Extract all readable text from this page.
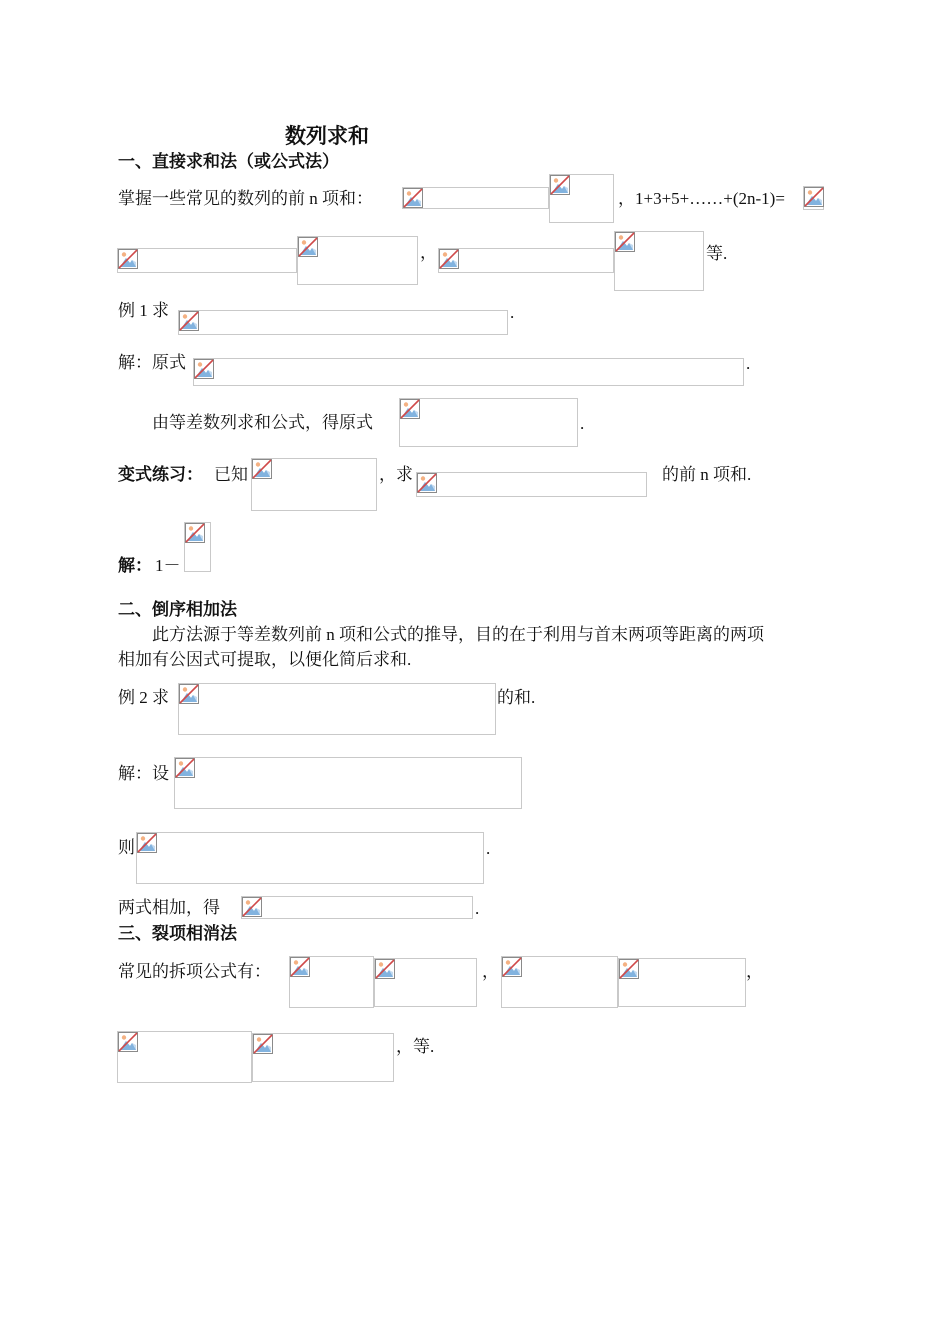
数列求和
一、直接求和法（或公式法）
掌握一些常见的数列的前 n 项和：	，1+3+5+……+(2n-1)=
，	等.
例 1 求	.
解：原式	.
由等差数列求和公式，得原式	.
变式练习： 已知	，求	的前 n 项和.
解： 1－
二、倒序相加法
此方法源于等差数列前 n 项和公式的推导，目的在于利用与首末两项等距离的两项
相加有公因式可提取，以便化简后求和.
例 2 求	的和.
解：设
则	.
两式相加，得	.
三、裂项相消法
常见的拆项公式有：	，	，
，等.
